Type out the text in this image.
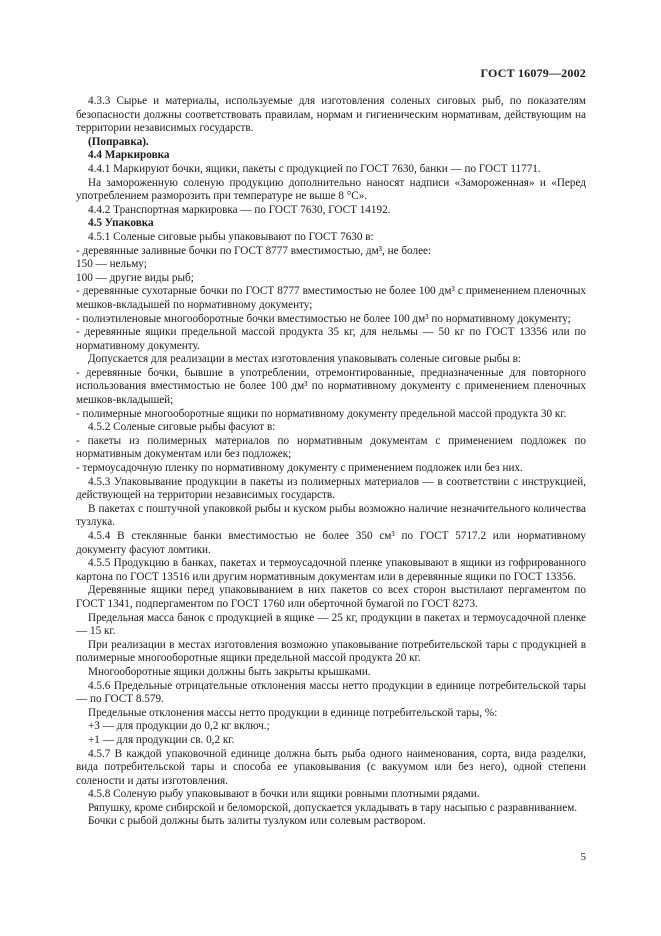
ГОСТ 16079—2002

4.3.3 Сырье и материалы, используемые для изготовления соленых сиговых рыб, по показателям безопасности должны соответствовать правилам, нормам и гигиеническим нормативам, действующим на территории независимых государств.

(Поправка).

4.4 Маркировка

4.4.1 Маркируют бочки, ящики, пакеты с продукцией по ГОСТ 7630, банки — по ГОСТ 11771.

На замороженную соленую продукцию дополнительно наносят надписи «Замороженная» и «Перед употреблением разморозить при температуре не выше 8 °С».

4.4.2 Транспортная маркировка — по ГОСТ 7630, ГОСТ 14192.

4.5 Упаковка

4.5.1 Соленые сиговые рыбы упаковывают по ГОСТ 7630 в:

- деревянные заливные бочки по ГОСТ 8777 вместимостью, дм³, не более:

150 — нельму;

100 — другие виды рыб;

- деревянные сухотарные бочки по ГОСТ 8777 вместимостью не более 100 дм³ с применением пленочных мешков-вкладышей по нормативному документу;

- полиэтиленовые многооборотные бочки вместимостью не более 100 дм³ по нормативному документу;

- деревянные ящики предельной массой продукта 35 кг, для нельмы — 50 кг по ГОСТ 13356 или по нормативному документу.

Допускается для реализации в местах изготовления упаковывать соленые сиговые рыбы в:

- деревянные бочки, бывшие в употреблении, отремонтированные, предназначенные для повторного использования вместимостью не более 100 дм³ по нормативному документу с применением пленочных мешков-вкладышей;

- полимерные многооборотные ящики по нормативному документу предельной массой продукта 30 кг.

4.5.2 Соленые сиговые рыбы фасуют в:

- пакеты из полимерных материалов по нормативным документам с применением подложек по нормативным документам или без подложек;

- термоусадочную пленку по нормативному документу с применением подложек или без них.

4.5.3 Упаковывание продукции в пакеты из полимерных материалов — в соответствии с инструкцией, действующей на территории независимых государств.

В пакетах с поштучной упаковкой рыбы и куском рыбы возможно наличие незначительного количества тузлука.

4.5.4 В стеклянные банки вместимостью не более 350 см³ по ГОСТ 5717.2 или нормативному документу фасуют ломтики.

4.5.5 Продукцию в банках, пакетах и термоусадочной пленке упаковывают в ящики из гофрированного картона по ГОСТ 13516 или другим нормативным документам или в деревянные ящики по ГОСТ 13356.

Деревянные ящики перед упаковыванием в них пакетов со всех сторон выстилают пергаментом по ГОСТ 1341, подпергаментом по ГОСТ 1760 или оберточной бумагой по ГОСТ 8273.

Предельная масса банок с продукцией в ящике — 25 кг, продукции в пакетах и термоусадочной пленке — 15 кг.

При реализации в местах изготовления возможно упаковывание потребительской тары с продукцией в полимерные многооборотные ящики предельной массой продукта 20 кг.

Многооборотные ящики должны быть закрыты крышками.

4.5.6 Предельные отрицательные отклонения массы нетто продукции в единице потребительской тары — по ГОСТ 8.579.

Предельные отклонения массы нетто продукции в единице потребительской тары, %:

+3 — для продукции до 0,2 кг включ.;

+1 — для продукции св. 0,2 кг.

4.5.7 В каждой упаковочной единице должна быть рыба одного наименования, сорта, вида разделки, вида потребительской тары и способа ее упаковывания (с вакуумом или без него), одной степени солености и даты изготовления.

4.5.8 Соленую рыбу упаковывают в бочки или ящики ровными плотными рядами.

Ряпушку, кроме сибирской и беломорской, допускается укладывать в тару насыпью с разравниванием.

Бочки с рыбой должны быть залиты тузлуком или солевым раствором.

5
